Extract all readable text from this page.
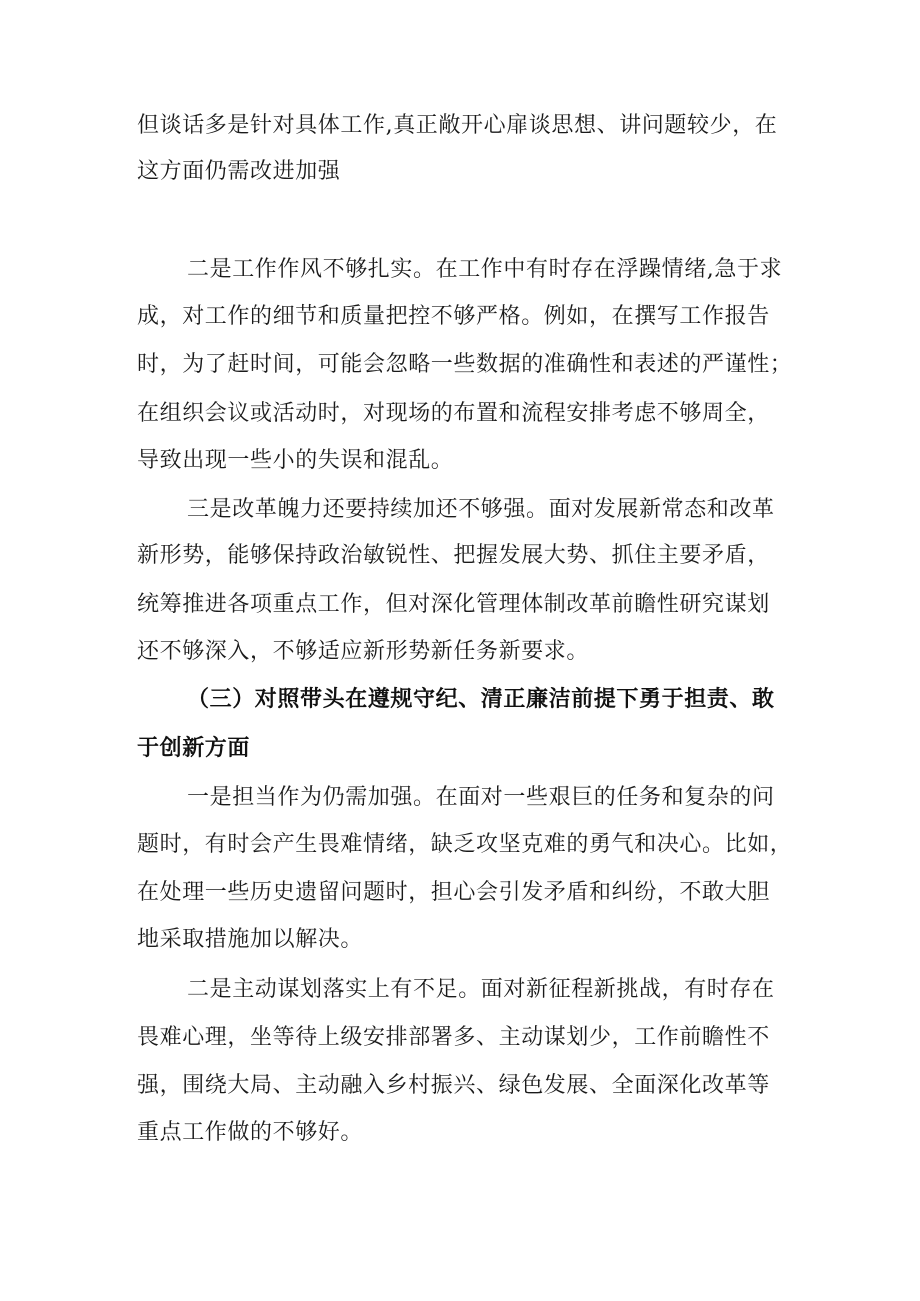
但谈话多是针对具体工作,真正敞开心扉谈思想、讲问题较少，在
这方面仍需改进加强
二是工作作风不够扎实。在工作中有时存在浮躁情绪,急于求
成，对工作的细节和质量把控不够严格。例如，在撰写工作报告
时，为了赶时间，可能会忽略一些数据的准确性和表述的严谨性；
在组织会议或活动时，对现场的布置和流程安排考虑不够周全，
导致出现一些小的失误和混乱。
三是改革魄力还要持续加还不够强。面对发展新常态和改革
新形势，能够保持政治敏锐性、把握发展大势、抓住主要矛盾，
统筹推进各项重点工作，但对深化管理体制改革前瞻性研究谋划
还不够深入，不够适应新形势新任务新要求。
（三）对照带头在遵规守纪、清正廉洁前提下勇于担责、敢
于创新方面
一是担当作为仍需加强。在面对一些艰巨的任务和复杂的问
题时，有时会产生畏难情绪，缺乏攻坚克难的勇气和决心。比如，
在处理一些历史遗留问题时，担心会引发矛盾和纠纷，不敢大胆
地采取措施加以解决。
二是主动谋划落实上有不足。面对新征程新挑战，有时存在
畏难心理，坐等待上级安排部署多、主动谋划少，工作前瞻性不
强，围绕大局、主动融入乡村振兴、绿色发展、全面深化改革等
重点工作做的不够好。
